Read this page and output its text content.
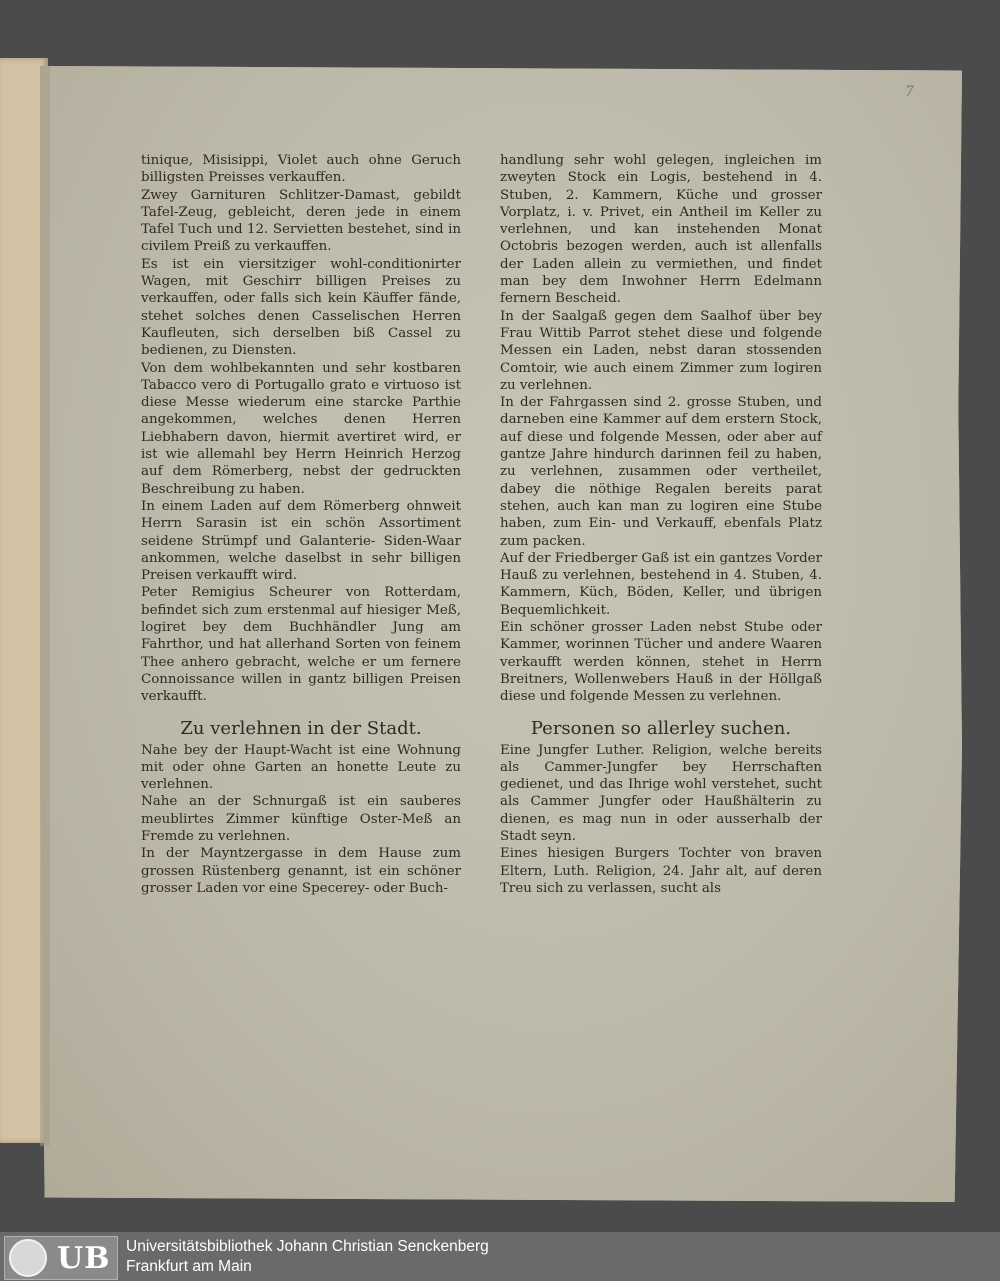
7

tinique, Misisippi, Violet auch ohne Geruch billigsten Preisses verkauffen.

Zwey Garnituren Schlitzer-Damast, gebildt Tafel-Zeug, gebleicht, deren jede in einem Tafel Tuch und 12. Servietten bestehet, sind in civilem Preiß zu verkauffen.

Es ist ein viersitziger wohl-conditionirter Wagen, mit Geschirr billigen Preises zu verkauffen, oder falls sich kein Käuffer fände, stehet solches denen Casselischen Herren Kaufleuten, sich derselben biß Cassel zu bedienen, zu Diensten.

Von dem wohlbekannten und sehr kostbaren Tabacco vero di Portugallo grato e virtuoso ist diese Messe wiederum eine starcke Parthie angekommen, welches denen Herren Liebhabern davon, hiermit avertiret wird, er ist wie allemahl bey Herrn Heinrich Herzog auf dem Römerberg, nebst der gedruckten Beschreibung zu haben.

In einem Laden auf dem Römerberg ohnweit Herrn Sarasin ist ein schön Assortiment seidene Strümpf und Galanterie- Siden-Waar ankommen, welche daselbst in sehr billigen Preisen verkaufft wird.

Peter Remigius Scheurer von Rotterdam, befindet sich zum erstenmal auf hiesiger Meß, logiret bey dem Buchhändler Jung am Fahrthor, und hat allerhand Sorten von feinem Thee anhero gebracht, welche er um fernere Connoissance willen in gantz billigen Preisen verkaufft.

Zu verlehnen in der Stadt.

Nahe bey der Haupt-Wacht ist eine Wohnung mit oder ohne Garten an honette Leute zu verlehnen.

Nahe an der Schnurgaß ist ein sauberes meublirtes Zimmer künftige Oster-Meß an Fremde zu verlehnen.

In der Mayntzergasse in dem Hause zum grossen Rüstenberg genannt, ist ein schöner grosser Laden vor eine Specerey- oder Buch-

handlung sehr wohl gelegen, ingleichen im zweyten Stock ein Logis, bestehend in 4. Stuben, 2. Kammern, Küche und grosser Vorplatz, i. v. Privet, ein Antheil im Keller zu verlehnen, und kan instehenden Monat Octobris bezogen werden, auch ist allenfalls der Laden allein zu vermiethen, und findet man bey dem Inwohner Herrn Edelmann fernern Bescheid.

In der Saalgaß gegen dem Saalhof über bey Frau Wittib Parrot stehet diese und folgende Messen ein Laden, nebst daran stossenden Comtoir, wie auch einem Zimmer zum logiren zu verlehnen.

In der Fahrgassen sind 2. grosse Stuben, und darneben eine Kammer auf dem erstern Stock, auf diese und folgende Messen, oder aber auf gantze Jahre hindurch darinnen feil zu haben, zu verlehnen, zusammen oder vertheilet, dabey die nöthige Regalen bereits parat stehen, auch kan man zu logiren eine Stube haben, zum Ein- und Verkauff, ebenfals Platz zum packen.

Auf der Friedberger Gaß ist ein gantzes Vorder Hauß zu verlehnen, bestehend in 4. Stuben, 4. Kammern, Küch, Böden, Keller, und übrigen Bequemlichkeit.

Ein schöner grosser Laden nebst Stube oder Kammer, worinnen Tücher und andere Waaren verkaufft werden können, stehet in Herrn Breitners, Wollenwebers Hauß in der Höllgaß diese und folgende Messen zu verlehnen.

Personen so allerley suchen.

Eine Jungfer Luther. Religion, welche bereits als Cammer-Jungfer bey Herrschaften gedienet, und das Ihrige wohl verstehet, sucht als Cammer Jungfer oder Haußhälterin zu dienen, es mag nun in oder ausserhalb der Stadt seyn.

Eines hiesigen Burgers Tochter von braven Eltern, Luth. Religion, 24. Jahr alt, auf deren Treu sich zu verlassen, sucht als

UB Universitätsbibliothek Johann Christian Senckenberg
Frankfurt am Main
